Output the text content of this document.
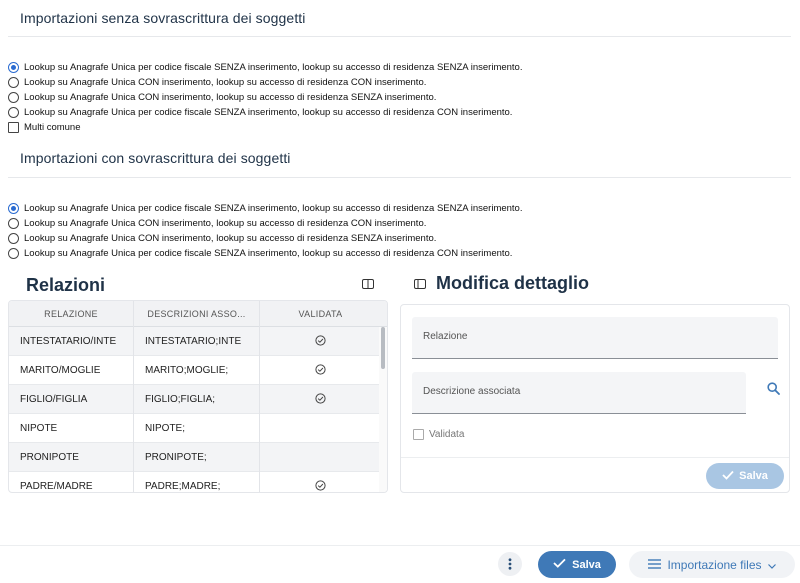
Importazioni senza sovrascrittura dei soggetti
Lookup su Anagrafe Unica per codice fiscale SENZA inserimento, lookup su accesso di residenza SENZA inserimento.
Lookup su Anagrafe Unica CON inserimento, lookup su accesso di residenza CON inserimento.
Lookup su Anagrafe Unica CON inserimento, lookup su accesso di residenza SENZA inserimento.
Lookup su Anagrafe Unica per codice fiscale SENZA inserimento, lookup su accesso di residenza CON inserimento.
Multi comune
Importazioni con sovrascrittura dei soggetti
Lookup su Anagrafe Unica per codice fiscale SENZA inserimento, lookup su accesso di residenza SENZA inserimento.
Lookup su Anagrafe Unica CON inserimento, lookup su accesso di residenza CON inserimento.
Lookup su Anagrafe Unica CON inserimento, lookup su accesso di residenza SENZA inserimento.
Lookup su Anagrafe Unica per codice fiscale SENZA inserimento, lookup su accesso di residenza CON inserimento.
Relazioni
RELAZIONE	DESCRIZIONI ASSO...	VALIDATA
INTESTATARIO/INTE	INTESTATARIO;INTE
MARITO/MOGLIE	MARITO;MOGLIE;
FIGLIO/FIGLIA	FIGLIO;FIGLIA;
NIPOTE	NIPOTE;
PRONIPOTE	PRONIPOTE;
PADRE/MADRE	PADRE;MADRE;
Modifica dettaglio
Relazione
Descrizione associata
Validata
Salva
Salva	Importazione files
